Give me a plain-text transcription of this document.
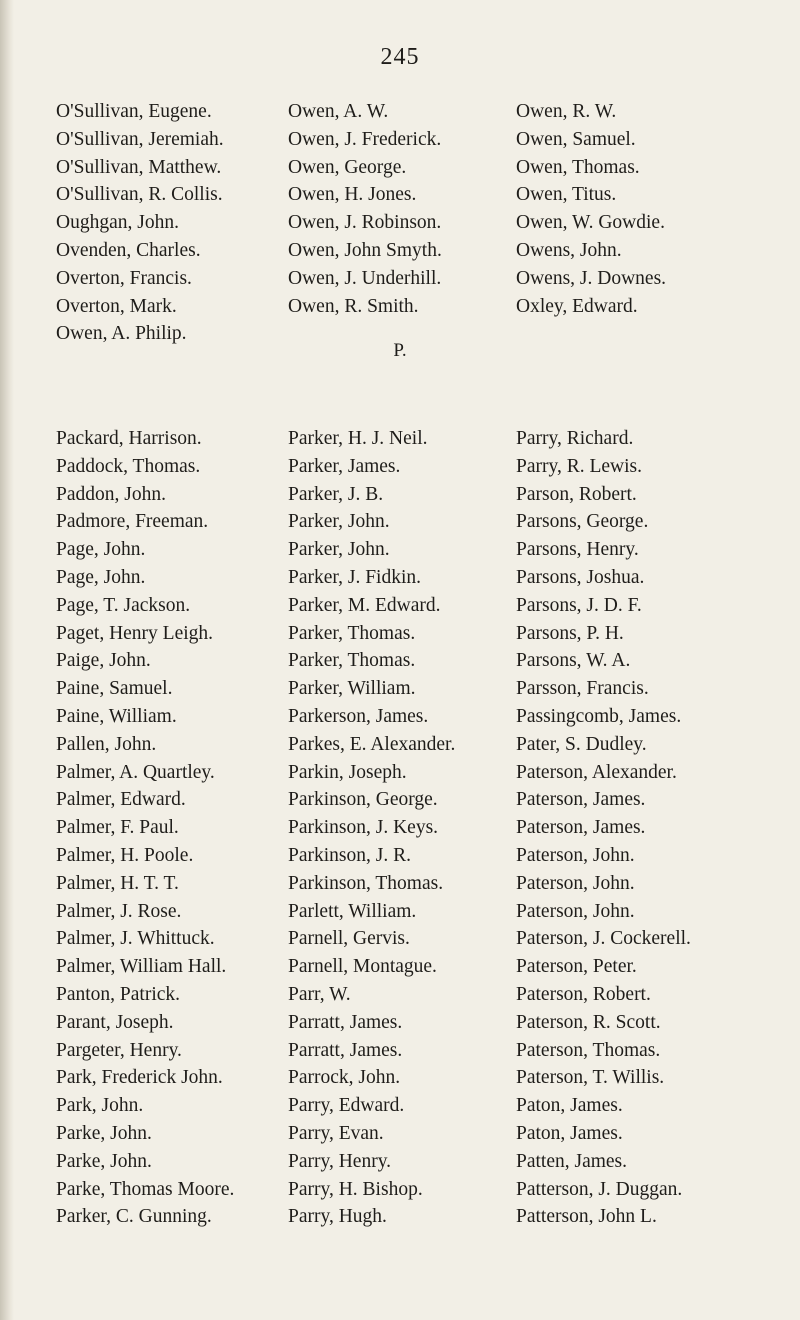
245
O'Sullivan, Eugene.
O'Sullivan, Jeremiah.
O'Sullivan, Matthew.
O'Sullivan, R. Collis.
Oughgan, John.
Ovenden, Charles.
Overton, Francis.
Overton, Mark.
Owen, A. Philip.
Owen, A. W.
Owen, J. Frederick.
Owen, George.
Owen, H. Jones.
Owen, J. Robinson.
Owen, John Smyth.
Owen, J. Underhill.
Owen, R. Smith.
Owen, R. W.
Owen, Samuel.
Owen, Thomas.
Owen, Titus.
Owen, W. Gowdie.
Owens, John.
Owens, J. Downes.
Oxley, Edward.
P.
Packard, Harrison.
Paddock, Thomas.
Paddon, John.
Padmore, Freeman.
Page, John.
Page, John.
Page, T. Jackson.
Paget, Henry Leigh.
Paige, John.
Paine, Samuel.
Paine, William.
Pallen, John.
Palmer, A. Quartley.
Palmer, Edward.
Palmer, F. Paul.
Palmer, H. Poole.
Palmer, H. T. T.
Palmer, J. Rose.
Palmer, J. Whittuck.
Palmer, William Hall.
Panton, Patrick.
Parant, Joseph.
Pargeter, Henry.
Park, Frederick John.
Park, John.
Parke, John.
Parke, John.
Parke, Thomas Moore.
Parker, C. Gunning.
Parker, H. J. Neil.
Parker, James.
Parker, J. B.
Parker, John.
Parker, John.
Parker, J. Fidkin.
Parker, M. Edward.
Parker, Thomas.
Parker, Thomas.
Parker, William.
Parkerson, James.
Parkes, E. Alexander.
Parkin, Joseph.
Parkinson, George.
Parkinson, J. Keys.
Parkinson, J. R.
Parkinson, Thomas.
Parlett, William.
Parnell, Gervis.
Parnell, Montague.
Parr, W.
Parratt, James.
Parratt, James.
Parrock, John.
Parry, Edward.
Parry, Evan.
Parry, Henry.
Parry, H. Bishop.
Parry, Hugh.
Parry, Richard.
Parry, R. Lewis.
Parson, Robert.
Parsons, George.
Parsons, Henry.
Parsons, Joshua.
Parsons, J. D. F.
Parsons, P. H.
Parsons, W. A.
Parsson, Francis.
Passingcomb, James.
Pater, S. Dudley.
Paterson, Alexander.
Paterson, James.
Paterson, James.
Paterson, John.
Paterson, John.
Paterson, John.
Paterson, J. Cockerell.
Paterson, Peter.
Paterson, Robert.
Paterson, R. Scott.
Paterson, Thomas.
Paterson, T. Willis.
Paton, James.
Paton, James.
Patten, James.
Patterson, J. Duggan.
Patterson, John L.
